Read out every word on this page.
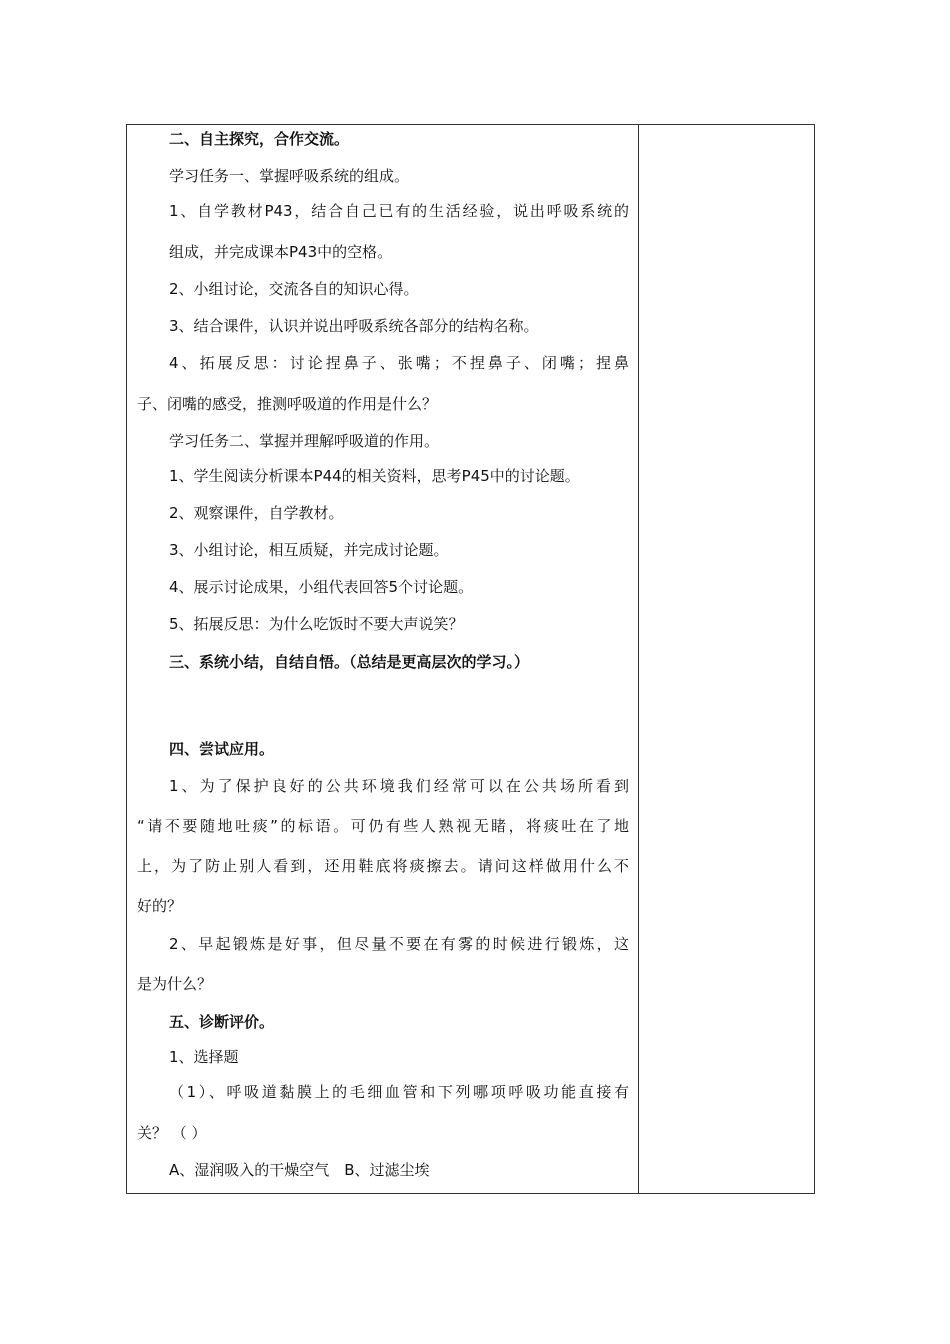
二、自主探究，合作交流。
学习任务一、掌握呼吸系统的组成。
1、自学教材P43，结合自己已有的生活经验，说出呼吸系统的
组成，并完成课本P43中的空格。
2、小组讨论，交流各自的知识心得。
3、结合课件，认识并说出呼吸系统各部分的结构名称。
4、拓展反思：讨论捏鼻子、张嘴；不捏鼻子、闭嘴；捏鼻
子、闭嘴的感受，推测呼吸道的作用是什么？
学习任务二、掌握并理解呼吸道的作用。
1、学生阅读分析课本P44的相关资料，思考P45中的讨论题。
2、观察课件，自学教材。
3、小组讨论，相互质疑，并完成讨论题。
4、展示讨论成果，小组代表回答5个讨论题。
5、拓展反思：为什么吃饭时不要大声说笑？
三、系统小结，自结自悟。（总结是更高层次的学习。）
四、尝试应用。
1、为了保护良好的公共环境我们经常可以在公共场所看到
“请不要随地吐痰”的标语。可仍有些人熟视无睹，将痰吐在了地
上，为了防止别人看到，还用鞋底将痰擦去。请问这样做用什么不
好的？
2、早起锻炼是好事，但尽量不要在有雾的时候进行锻炼，这
是为什么？
五、诊断评价。
1、选择题
（1）、呼吸道黏膜上的毛细血管和下列哪项呼吸功能直接有
关？ （ ）
A、湿润吸入的干燥空气　B、过滤尘埃
